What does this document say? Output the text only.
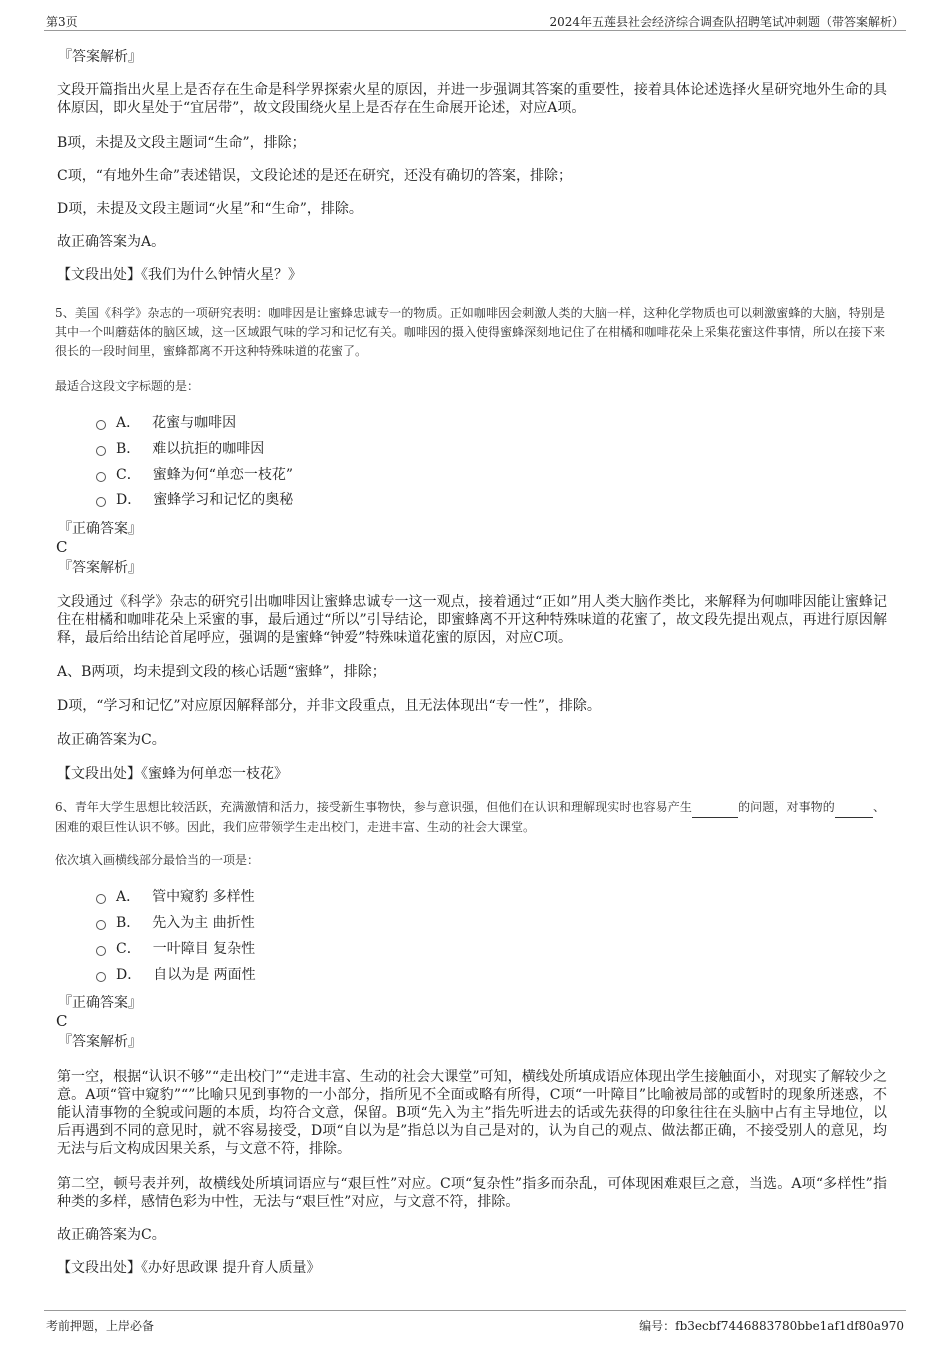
第3页	2024年五莲县社会经济综合调查队招聘笔试冲刺题（带答案解析）
『答案解析』
文段开篇指出火星上是否存在生命是科学界探索火星的原因，并进一步强调其答案的重要性，接着具体论述选择火星研究地外生命的具体原因，即火星处于“宜居带”，故文段围绕火星上是否存在生命展开论述，对应A项。
B项，未提及文段主题词“生命”，排除；
C项，“有地外生命”表述错误，文段论述的是还在研究，还没有确切的答案，排除；
D项，未提及文段主题词“火星”和“生命”，排除。
故正确答案为A。
【文段出处】《我们为什么钟情火星？》
5、美国《科学》杂志的一项研究表明：咖啡因是让蜜蜂忠诚专一的物质。正如咖啡因会刺激人类的大脑一样，这种化学物质也可以刺激蜜蜂的大脑，特别是其中一个叫蘑菇体的脑区域，这一区域跟气味的学习和记忆有关。咖啡因的摄入使得蜜蜂深刻地记住了在柑橘和咖啡花朵上采集花蜜这件事情，所以在接下来很长的一段时间里，蜜蜂都离不开这种特殊味道的花蜜了。
最适合这段文字标题的是：
A． 花蜜与咖啡因
B． 难以抗拒的咖啡因
C． 蜜蜂为何“单恋一枝花”
D． 蜜蜂学习和记忆的奥秘
『正确答案』
C
『答案解析』
文段通过《科学》杂志的研究引出咖啡因让蜜蜂忠诚专一这一观点，接着通过“正如”用人类大脑作类比，来解释为何咖啡因能让蜜蜂记住在柑橘和咖啡花朵上采蜜的事，最后通过“所以”引导结论，即蜜蜂离不开这种特殊味道的花蜜了，故文段先提出观点，再进行原因解释，最后给出结论首尾呼应，强调的是蜜蜂“钟爱”特殊味道花蜜的原因，对应C项。
A、B两项，均未提到文段的核心话题“蜜蜂”，排除；
D项，“学习和记忆”对应原因解释部分，并非文段重点，且无法体现出“专一性”，排除。
故正确答案为C。
【文段出处】《蜜蜂为何单恋一枝花》
6、青年大学生思想比较活跃，充满激情和活力，接受新生事物快，参与意识强，但他们在认识和理解现实时也容易产生	的问题，对事物的	、困难的艰巨性认识不够。因此，我们应带领学生走出校门，走进丰富、生动的社会大课堂。
依次填入画横线部分最恰当的一项是：
A． 管中窥豹 多样性
B． 先入为主 曲折性
C． 一叶障目 复杂性
D． 自以为是 两面性
『正确答案』
C
『答案解析』
第一空，根据“认识不够”“走出校门”“走进丰富、生动的社会大课堂”可知，横线处所填成语应体现出学生接触面小，对现实了解较少之意。A项“管中窥豹”“”比喻只见到事物的一小部分，指所见不全面或略有所得，C项“一叶障目”比喻被局部的或暂时的现象所迷惑，不能认清事物的全貌或问题的本质，均符合文意，保留。B项“先入为主”指先听进去的话或先获得的印象往往在头脑中占有主导地位，以后再遇到不同的意见时，就不容易接受，D项“自以为是”指总以为自己是对的，认为自己的观点、做法都正确，不接受别人的意见，均无法与后文构成因果关系，与文意不符，排除。
第二空，顿号表并列，故横线处所填词语应与“艰巨性”对应。C项“复杂性”指多而杂乱，可体现困难艰巨之意，当选。A项“多样性”指种类的多样，感情色彩为中性，无法与“艰巨性”对应，与文意不符，排除。
故正确答案为C。
【文段出处】《办好思政课 提升育人质量》
考前押题，上岸必备	编号：fb3ecbf7446883780bbe1af1df80a970
